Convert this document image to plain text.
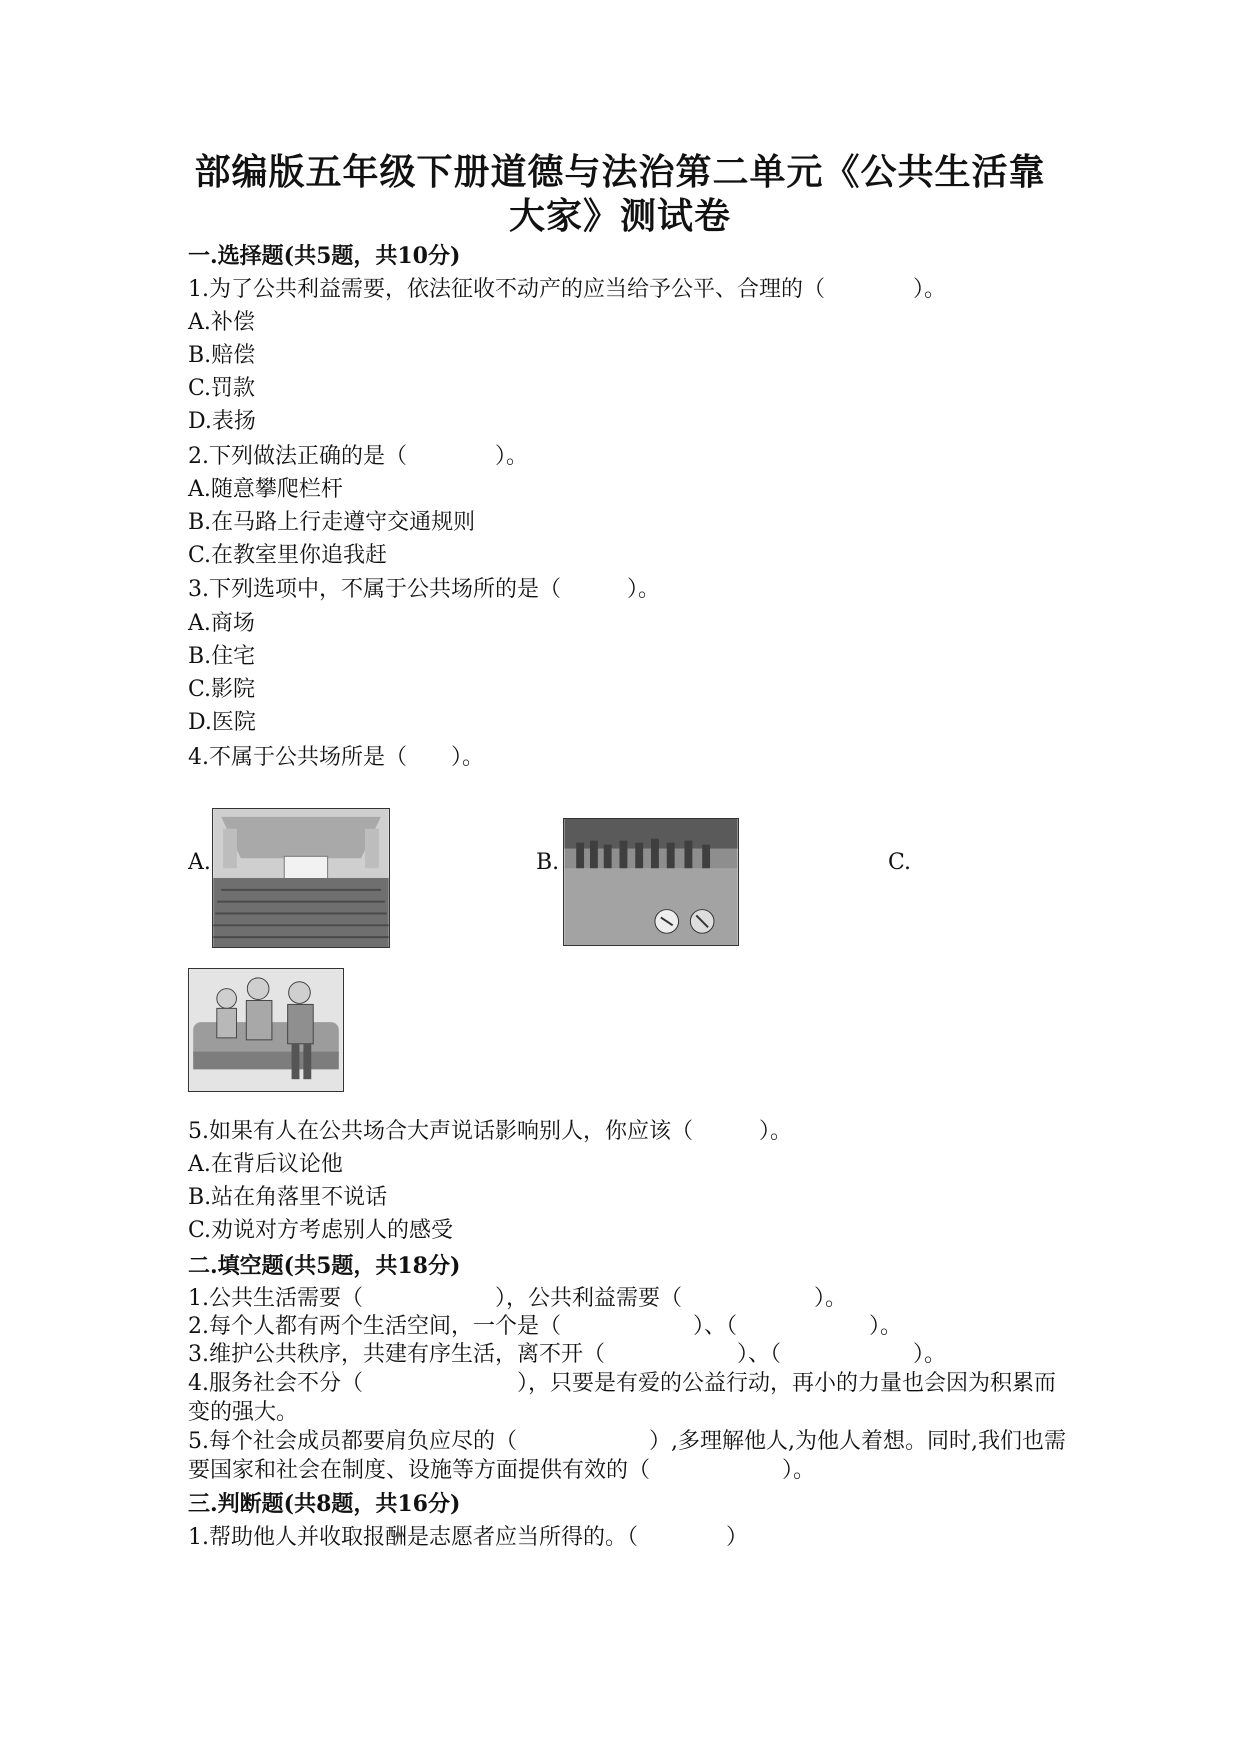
部编版五年级下册道德与法治第二单元《公共生活靠
大家》测试卷
一.选择题(共5题，共10分)
1.为了公共利益需要，依法征收不动产的应当给予公平、合理的（　　　　）。
A.补偿
B.赔偿
C.罚款
D.表扬
2.下列做法正确的是（　　　　）。
A.随意攀爬栏杆
B.在马路上行走遵守交通规则
C.在教室里你追我赶
3.下列选项中，不属于公共场所的是（　　　）。
A.商场
B.住宅
C.影院
D.医院
4.不属于公共场所是（　　）。
A.	B.	C.
5.如果有人在公共场合大声说话影响别人，你应该（　　　）。
A.在背后议论他
B.站在角落里不说话
C.劝说对方考虑别人的感受
二.填空题(共5题，共18分)
1.公共生活需要（　　　　　　），公共利益需要（　　　　　　）。
2.每个人都有两个生活空间，一个是（　　　　　　）、（　　　　　　）。
3.维护公共秩序，共建有序生活，离不开（　　　　　　）、（　　　　　　）。
4.服务社会不分（　　　　　　　），只要是有爱的公益行动，再小的力量也会因为积累而变的强大。
5.每个社会成员都要肩负应尽的（　　　　　　）,多理解他人,为他人着想。同时,我们也需要国家和社会在制度、设施等方面提供有效的（　　　　　　）。
三.判断题(共8题，共16分)
1.帮助他人并收取报酬是志愿者应当所得的。（　　　　）
